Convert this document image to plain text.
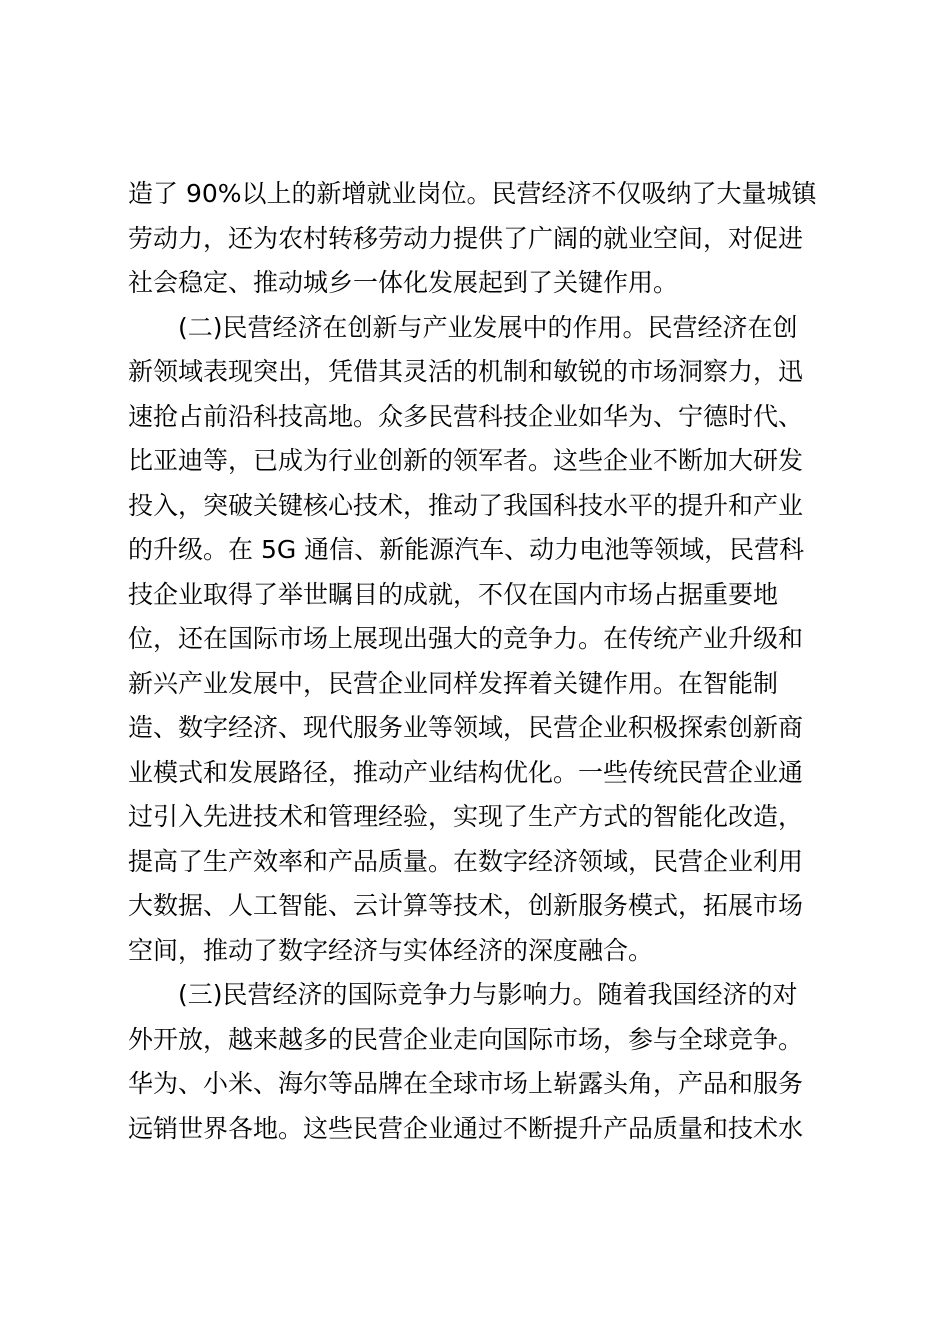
造了 90%以上的新增就业岗位。民营经济不仅吸纳了大量城镇
劳动力，还为农村转移劳动力提供了广阔的就业空间，对促进
社会稳定、推动城乡一体化发展起到了关键作用。
(二)民营经济在创新与产业发展中的作用。民营经济在创
新领域表现突出，凭借其灵活的机制和敏锐的市场洞察力，迅
速抢占前沿科技高地。众多民营科技企业如华为、宁德时代、
比亚迪等，已成为行业创新的领军者。这些企业不断加大研发
投入，突破关键核心技术，推动了我国科技水平的提升和产业
的升级。在 5G 通信、新能源汽车、动力电池等领域，民营科
技企业取得了举世瞩目的成就，不仅在国内市场占据重要地
位，还在国际市场上展现出强大的竞争力。在传统产业升级和
新兴产业发展中，民营企业同样发挥着关键作用。在智能制
造、数字经济、现代服务业等领域，民营企业积极探索创新商
业模式和发展路径，推动产业结构优化。一些传统民营企业通
过引入先进技术和管理经验，实现了生产方式的智能化改造，
提高了生产效率和产品质量。在数字经济领域，民营企业利用
大数据、人工智能、云计算等技术，创新服务模式，拓展市场
空间，推动了数字经济与实体经济的深度融合。
(三)民营经济的国际竞争力与影响力。随着我国经济的对
外开放，越来越多的民营企业走向国际市场，参与全球竞争。
华为、小米、海尔等品牌在全球市场上崭露头角，产品和服务
远销世界各地。这些民营企业通过不断提升产品质量和技术水
